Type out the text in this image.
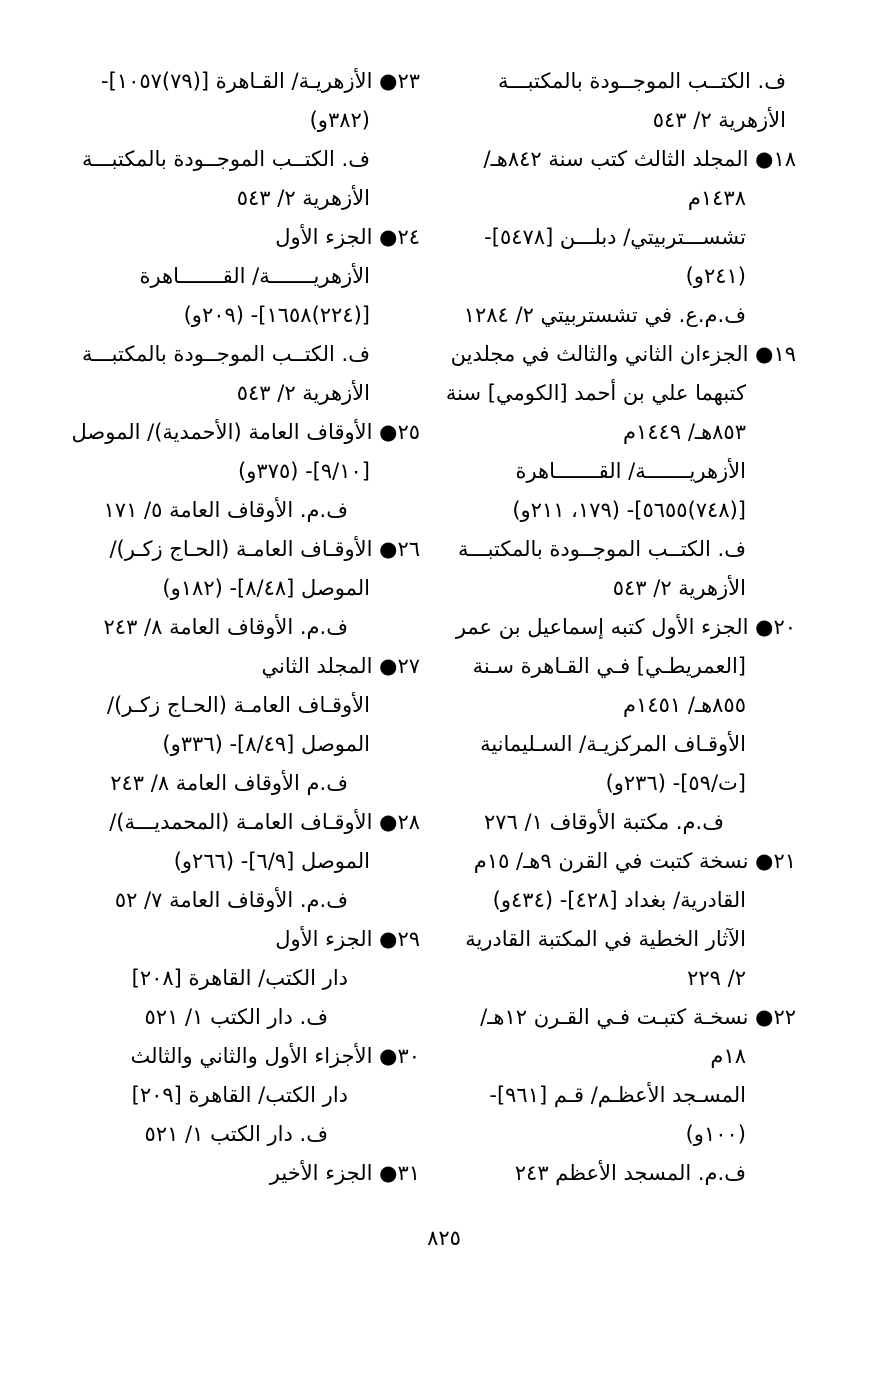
ف. الكتــب الموجــودة بالمكتبـــة
الأزهرية ٢/ ٥٤٣
١٨● المجلد الثالث كتب سنة ٨٤٢هـ/
١٤٣٨م
تشســـتربيتي/ دبلـــن [٥٤٧٨]-
(٢٤١و)
ف.م.ع. في تشستربيتي ٢/ ١٢٨٤
١٩● الجزءان الثاني والثالث في مجلدين
كتبهما علي بن أحمد [الكومي] سنة
٨٥٣هـ/ ١٤٤٩م
الأزهريـــــــة/ القـــــــاهرة
[(٧٤٨)٥٦٥٥]- (١٧٩، ٢١١و)
ف. الكتــب الموجــودة بالمكتبـــة
الأزهرية ٢/ ٥٤٣
٢٠● الجزء الأول كتبه إسماعيل بن عمر
[العمريطـي] فـي القـاهرة سـنة
٨٥٥هـ/ ١٤٥١م
الأوقـاف المركزيـة/ السـليمانية
[ت/٥٩]- (٢٣٦و)
ف.م. مكتبة الأوقاف ١/ ٢٧٦
٢١● نسخة كتبت في القرن ٩هـ/ ١٥م
القادرية/ بغداد [٤٢٨]- (٤٣٤و)
الآثار الخطية في المكتبة القادرية
٢/ ٢٢٩
٢٢● نسخـة كتبـت فـي القـرن ١٢هـ/
١٨م
المسـجد الأعظـم/ قـم [٩٦١]-
(١٠٠و)
ف.م. المسجد الأعظم ٢٤٣
٢٣● الأزهريـة/ القـاهرة [(٧٩)١٠٥٧]-
(٣٨٢و)
ف. الكتــب الموجــودة بالمكتبـــة
الأزهرية ٢/ ٥٤٣
٢٤● الجزء الأول
الأزهريـــــــة/ القـــــــاهرة
[(٢٢٤)١٦٥٨]- (٢٠٩و)
ف. الكتــب الموجــودة بالمكتبـــة
الأزهرية ٢/ ٥٤٣
٢٥● الأوقاف العامة (الأحمدية)/ الموصل
[٩/١٠]- (٣٧٥و)
ف.م. الأوقاف العامة ٥/ ١٧١
٢٦● الأوقـاف العامـة (الحـاج زكـر)/
الموصل [٨/٤٨]- (١٨٢و)
ف.م. الأوقاف العامة ٨/ ٢٤٣
٢٧● المجلد الثاني
الأوقـاف العامـة (الحـاج زكـر)/
الموصل [٨/٤٩]- (٣٣٦و)
ف.م الأوقاف العامة ٨/ ٢٤٣
٢٨● الأوقـاف العامـة (المحمديـــة)/
الموصل [٦/٩]- (٢٦٦و)
ف.م. الأوقاف العامة ٧/ ٥٢
٢٩● الجزء الأول
دار الكتب/ القاهرة [٢٠٨]
ف. دار الكتب ١/ ٥٢١
٣٠● الأجزاء الأول والثاني والثالث
دار الكتب/ القاهرة [٢٠٩]
ف. دار الكتب ١/ ٥٢١
٣١● الجزء الأخير
٨٢٥
